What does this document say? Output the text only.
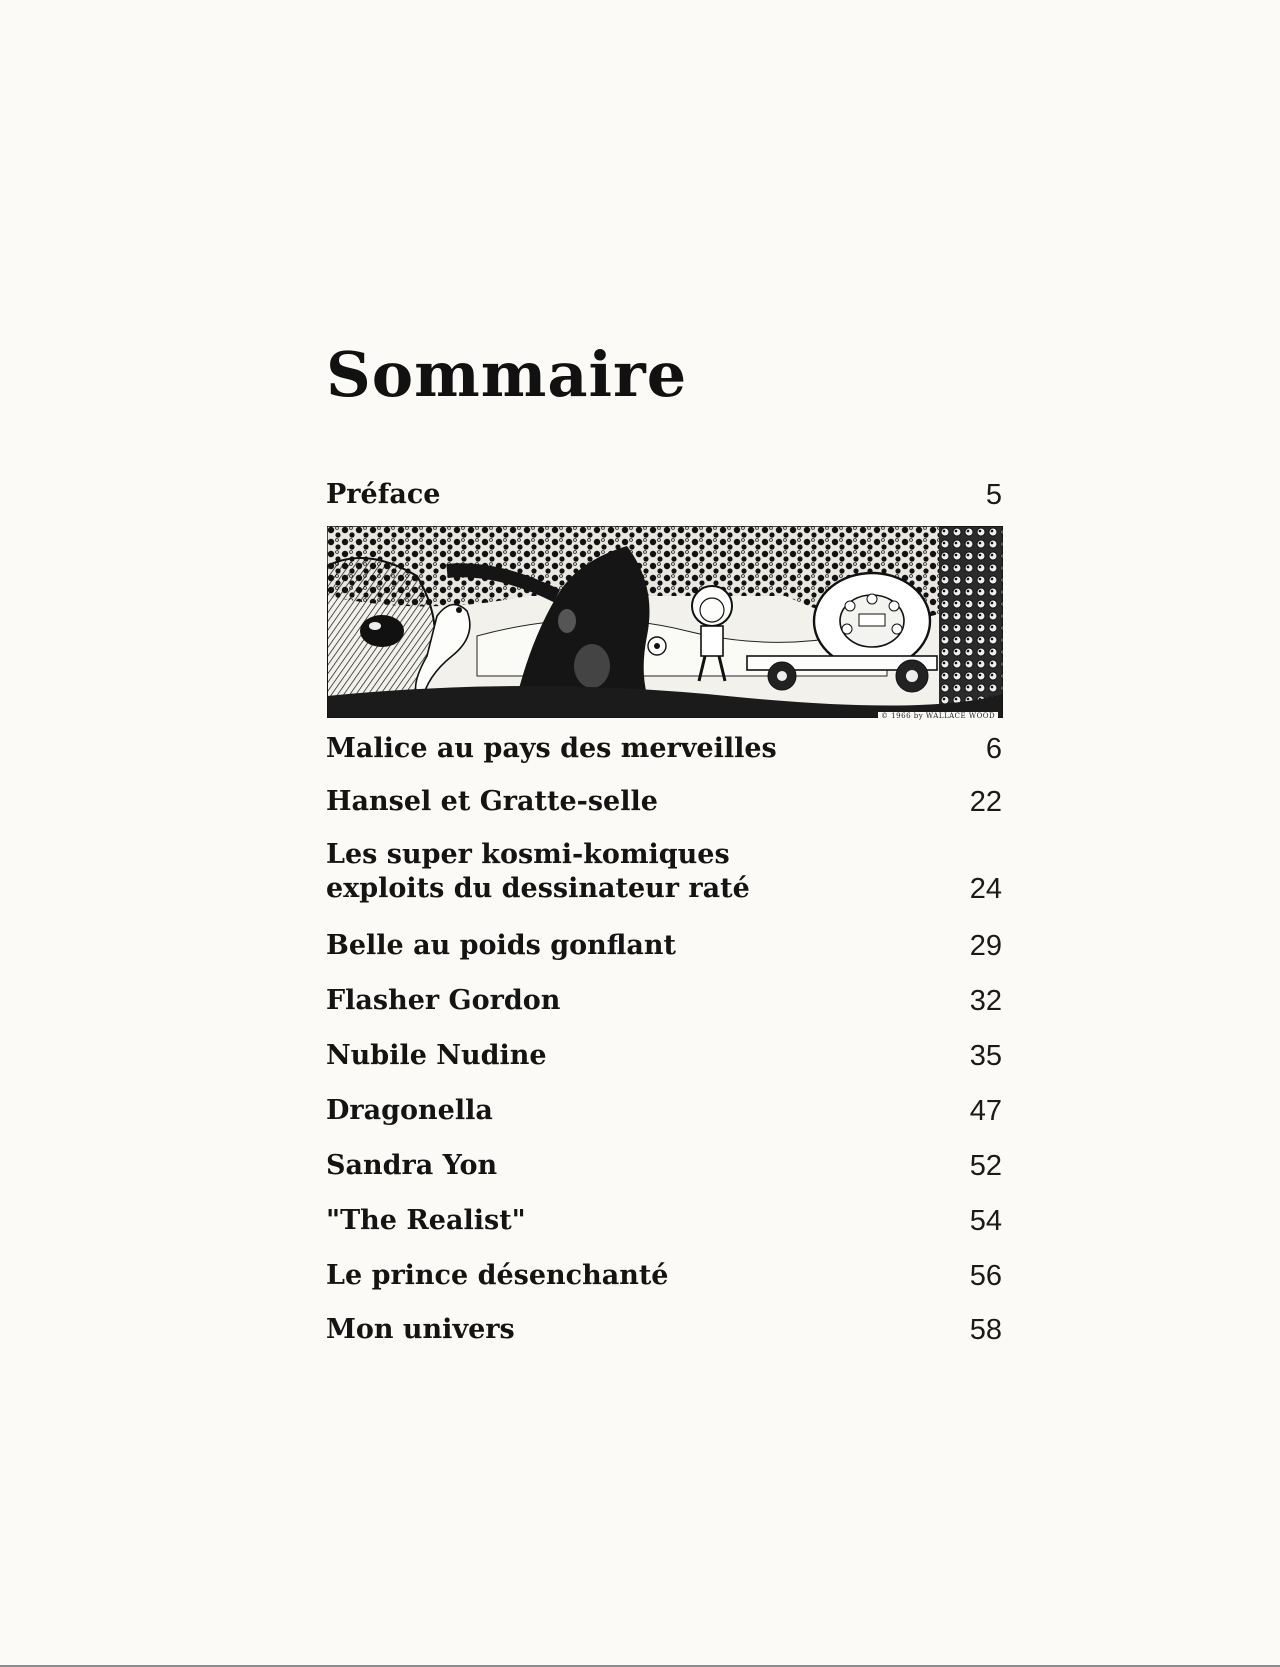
Sommaire
Préface	5
Malice au pays des merveilles	6
Hansel et Gratte-selle	22
Les super kosmi-komiques
exploits du dessinateur raté	24
Belle au poids gonflant	29
Flasher Gordon	32
Nubile Nudine	35
Dragonella	47
Sandra Yon	52
"The Realist"	54
Le prince désenchanté	56
Mon univers	58
© 1966 by WALLACE WOOD
